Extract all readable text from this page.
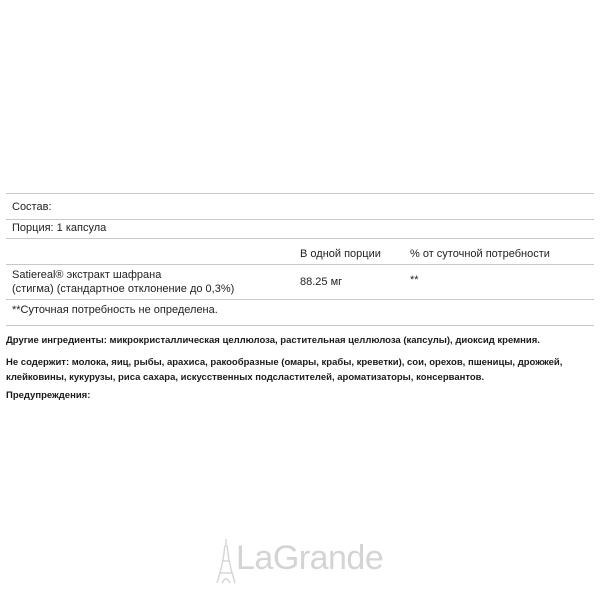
Состав:
Порция: 1 капсула
В одной порции	% от суточной потребности
Satiereal® экстракт шафрана
(стигма) (стандартное отклонение до 0,3%)
88.25 мг	**
**Суточная потребность не определена.
Другие ингредиенты: микрокристаллическая целлюлоза, растительная целлюлоза (капсулы), диоксид кремния.
Не содержит: молока, яиц, рыбы, арахиса, ракообразные (омары, крабы, креветки), сои, орехов, пшеницы, дрожжей, клейковины, кукурузы, риса сахара, искусственных подсластителей, ароматизаторы, консервантов.
Предупреждения:
LaGrande
